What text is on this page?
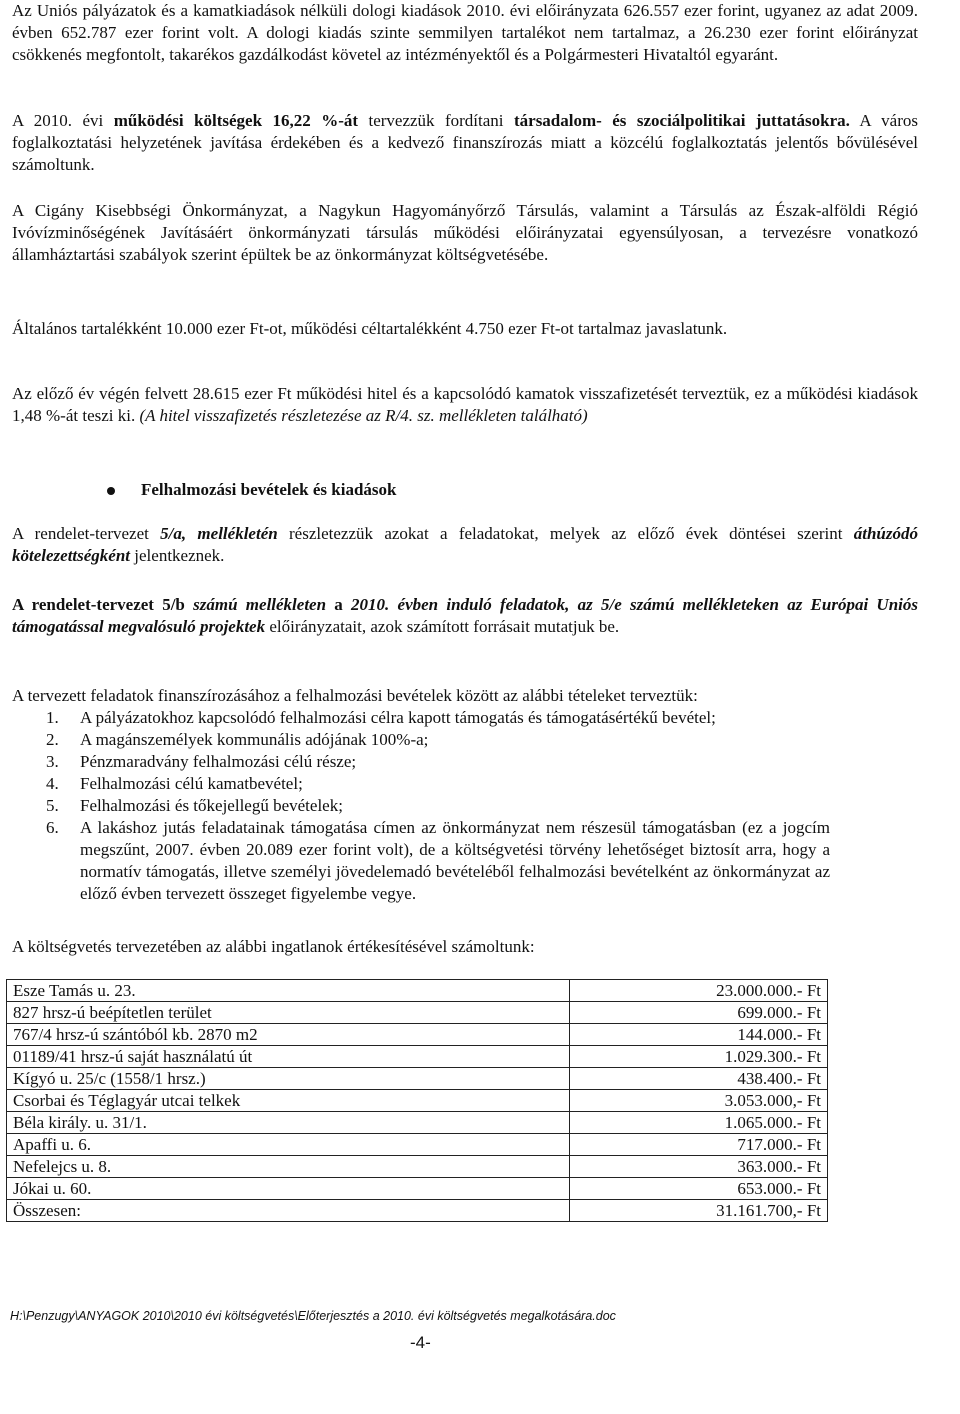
Az Uniós pályázatok és a kamatkiadások nélküli dologi kiadások 2010. évi előirányzata 626.557 ezer forint, ugyanez az adat 2009. évben 652.787 ezer forint volt. A dologi kiadás szinte semmilyen tartalékot nem tartalmaz, a 26.230 ezer forint előirányzat csökkenés megfontolt, takarékos gazdálkodást követel az intézményektől és a Polgármesteri Hivataltól egyaránt.

A 2010. évi működési költségek 16,22 %-át tervezzük fordítani társadalom- és szociálpolitikai juttatásokra. A város foglalkoztatási helyzetének javítása érdekében és a kedvező finanszírozás miatt a közcélú foglalkoztatás jelentős bővülésével számoltunk.

A Cigány Kisebbségi Önkormányzat, a Nagykun Hagyományőrző Társulás, valamint a Társulás az Észak-alföldi Régió Ivóvízminőségének Javításáért önkormányzati társulás működési előirányzatai egyensúlyosan, a tervezésre vonatkozó államháztartási szabályok szerint épültek be az önkormányzat költségvetésébe.

Általános tartalékként 10.000 ezer Ft-ot, működési céltartalékként 4.750 ezer Ft-ot tartalmaz javaslatunk.

Az előző év végén felvett 28.615 ezer Ft működési hitel és a kapcsolódó kamatok visszafizetését terveztük, ez a működési kiadások 1,48 %-át teszi ki. (A hitel visszafizetés részletezése az R/4. sz. mellékleten található)

Felhalmozási bevételek és kiadások

A rendelet-tervezet 5/a, mellékletén részletezzük azokat a feladatokat, melyek az előző évek döntései szerint áthúzódó kötelezettségként jelentkeznek.

A rendelet-tervezet 5/b számú mellékleten a 2010. évben induló feladatok, az 5/e számú mellékleteken az Európai Uniós támogatással megvalósuló projektek előirányzatait, azok számított forrásait mutatjuk be.

A tervezett feladatok finanszírozásához a felhalmozási bevételek között az alábbi tételeket terveztük:

1.	A pályázatokhoz kapcsolódó felhalmozási célra kapott támogatás és támogatásértékű bevétel;
2.	A magánszemélyek kommunális adójának 100%-a;
3.	Pénzmaradvány felhalmozási célú része;
4.	Felhalmozási célú kamatbevétel;
5.	Felhalmozási és tőkejellegű bevételek;
6.	A lakáshoz jutás feladatainak támogatása címen az önkormányzat nem részesül támogatásban (ez a jogcím megszűnt, 2007. évben 20.089 ezer forint volt), de a költségvetési törvény lehetőséget biztosít arra, hogy a normatív támogatás, illetve személyi jövedelemadó bevételéből felhalmozási bevételként az önkormányzat az előző évben tervezett összeget figyelembe vegye.

A költségvetés tervezetében az alábbi ingatlanok értékesítésével számoltunk:

Esze Tamás u. 23.	23.000.000.- Ft
827 hrsz-ú beépítetlen terület	699.000.- Ft
767/4 hrsz-ú szántóból kb. 2870 m2	144.000.- Ft
01189/41 hrsz-ú saját használatú út	1.029.300.- Ft
Kígyó u. 25/c (1558/1 hrsz.)	438.400.- Ft
Csorbai és Téglagyár utcai telkek	3.053.000,- Ft
Béla király. u. 31/1.	1.065.000.- Ft
Apaffi u. 6.	717.000.- Ft
Nefelejcs u. 8.	363.000.- Ft
Jókai u. 60.	653.000.- Ft
Összesen:	31.161.700,- Ft
H:\Penzugy\ANYAGOK 2010\2010 évi költségvetés\Előterjesztés a 2010. évi költségvetés megalkotására.doc
-4-
